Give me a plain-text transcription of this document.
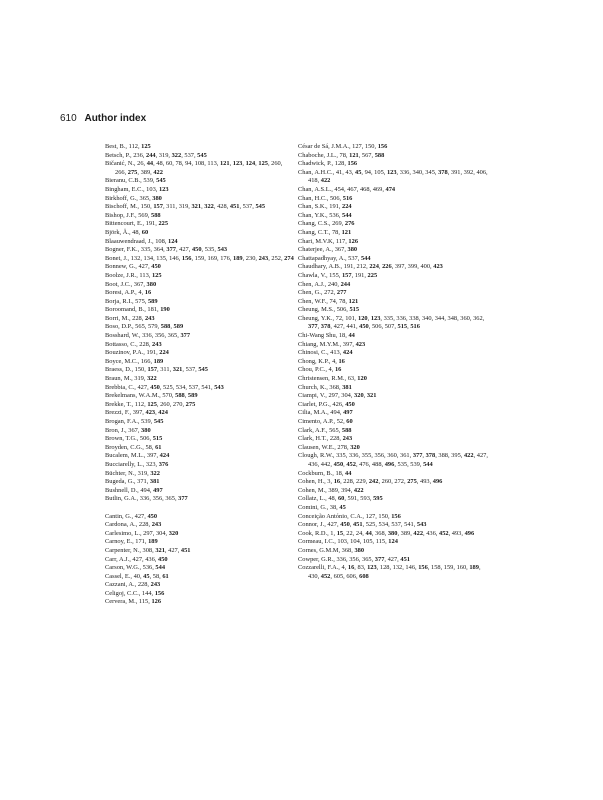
610 Author index
Best, B., 112, 125
Betsch, P., 236, 244, 319, 322, 537, 545
Bičanić, N., 26, 44, 48, 60, 78, 94, 108, 113, 121, 123, 124, 125, 260, 266, 275, 389, 422
Bieranu, C.B., 539, 545
Bingham, E.C., 103, 123
Birkhoff, G., 365, 380
Bischoff, M., 150, 157, 311, 319, 321, 322, 428, 451, 537, 545
Bishop, J.F., 569, 588
Bittencourt, E., 191, 225
Björk, Å., 48, 60
Blaauwendraad, J., 108, 124
Bogner, F.K., 335, 364, 377, 427, 450, 535, 543
Bonet, J., 132, 134, 135, 146, 156, 159, 169, 176, 189, 230, 243, 252, 274
Bonnew, G., 427, 450
Boolze, J.R., 113, 125
Boot, J.C., 367, 380
Boresi, A.P., 4, 16
Borja, R.I., 575, 589
Boroomand, B., 181, 190
Borri, M., 228, 243
Boso, D.P., 565, 579, 588, 589
Bosshard, W., 336, 356, 365, 377
Bottasso, C., 228, 243
Bouzinov, P.A., 191, 224
Boyce, M.C., 166, 189
Braess, D., 150, 157, 311, 321, 537, 545
Braun, M., 319, 322
Brebbia, C., 427, 450, 525, 534, 537, 541, 543
Brekelmans, W.A.M., 570, 588, 589
Brekke, T., 112, 125, 260, 270, 275
Brezzi, F., 397, 423, 424
Brogan, F.A., 539, 545
Bron, J., 367, 380
Brown, T.G., 506, 515
Broyden, C.G., 58, 61
Bucalem, M.L., 397, 424
Bucciarelly, L., 323, 376
Büchter, N., 319, 322
Bugeda, G., 371, 381
Bushnell, D., 494, 497
Butlin, G.A., 336, 356, 365, 377
Cantin, G., 427, 450
Cardona, A., 228, 243
Carlesimo, L., 297, 304, 320
Carnoy, E., 171, 189
Carpenter, N., 308, 321, 427, 451
Carr, A.J., 427, 436, 450
Carson, W.G., 536, 544
Cassel, E., 40, 45, 58, 61
Cazzani, A., 228, 243
Celigoj, C.C., 144, 156
Cervera, M., 115, 126
César de Sá, J.M.A., 127, 150, 156
Chaboche, J.L., 78, 121, 567, 588
Chadwick, P., 128, 156
Chan, A.H.C., 41, 43, 45, 94, 105, 123, 336, 340, 345, 378, 391, 392, 406, 418, 422
Chan, A.S.L., 454, 467, 468, 469, 474
Chan, H.C., 506, 516
Chan, S.K., 191, 224
Chan, Y.K., 536, 544
Chang, C.S., 269, 276
Chang, C.T., 78, 121
Chari, M.V.K, 117, 126
Chaterjee, A., 367, 380
Chattapadhyay, A., 537, 544
Chaudhary, A.B., 191, 212, 224, 226, 397, 399, 400, 423
Chawla, V., 155, 157, 191, 225
Chen, A.J., 240, 244
Chen, G., 272, 277
Chen, W.F., 74, 78, 121
Cheung, M.S., 506, 515
Cheung, Y.K., 72, 101, 120, 123, 335, 336, 338, 340, 344, 348, 360, 362, 377, 378, 427, 441, 450, 506, 507, 515, 516
Chi-Wang Shu, 18, 44
Chiang, M.Y.M., 397, 423
Chinosi, C., 413, 424
Chong, K.P., 4, 16
Chou, P.C., 4, 16
Christensen, R.M., 63, 120
Church, K., 368, 381
Ciampi, V., 297, 304, 320, 321
Ciarlet, P.G., 426, 450
Cilia, M.A., 494, 497
Cimento, A.P., 52, 60
Clark, A.F., 565, 588
Clark, H.T., 228, 243
Clausen, W.E., 278, 320
Clough, R.W., 335, 336, 355, 356, 360, 361, 377, 378, 388, 395, 422, 427, 436, 442, 450, 452, 476, 488, 496, 535, 539, 544
Cockburn, B., 18, 44
Cohen, H., 3, 16, 228, 229, 242, 260, 272, 275, 493, 496
Cohen, M., 389, 394, 422
Collatz, L., 48, 60, 591, 593, 595
Comini, G., 38, 45
Conceição António, C.A., 127, 150, 156
Connor, J., 427, 450, 451, 525, 534, 537, 541, 543
Cook, R.D., 1, 15, 22, 24, 44, 368, 380, 389, 422, 436, 452, 493, 496
Cormeau, I.C., 103, 104, 105, 115, 124
Cornes, G.M.M, 368, 380
Cowper, G.R., 336, 356, 365, 377, 427, 451
Cozzarelli, F.A., 4, 16, 83, 123, 128, 132, 146, 156, 158, 159, 160, 189, 430, 452, 605, 606, 608
